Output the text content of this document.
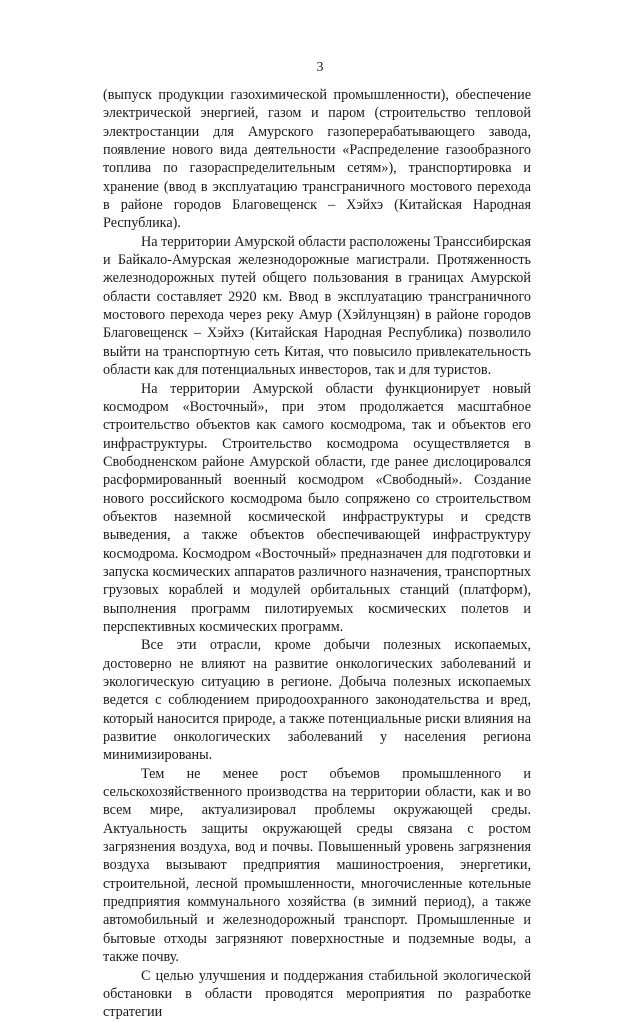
3

(выпуск продукции газохимической промышленности), обеспечение электрической энергией, газом и паром (строительство тепловой электростанции для Амурского газоперерабатывающего завода, появление нового вида деятельности «Распределение газообразного топлива по газораспределительным сетям»), транспортировка и хранение (ввод в эксплуатацию трансграничного мостового перехода в районе городов Благовещенск – Хэйхэ (Китайская Народная Республика).

На территории Амурской области расположены Транссибирская и Байкало-Амурская железнодорожные магистрали. Протяженность железнодорожных путей общего пользования в границах Амурской области составляет 2920 км. Ввод в эксплуатацию трансграничного мостового перехода через реку Амур (Хэйлунцзян) в районе городов Благовещенск – Хэйхэ (Китайская Народная Республика) позволило выйти на транспортную сеть Китая, что повысило привлекательность области как для потенциальных инвесторов, так и для туристов.

На территории Амурской области функционирует новый космодром «Восточный», при этом продолжается масштабное строительство объектов как самого космодрома, так и объектов его инфраструктуры. Строительство космодрома осуществляется в Свободненском районе Амурской области, где ранее дислоцировался расформированный военный космодром «Свободный». Создание нового российского космодрома было сопряжено со строительством объектов наземной космической инфраструктуры и средств выведения, а также объектов обеспечивающей инфраструктуру космодрома. Космодром «Восточный» предназначен для подготовки и запуска космических аппаратов различного назначения, транспортных грузовых кораблей и модулей орбитальных станций (платформ), выполнения программ пилотируемых космических полетов и перспективных космических программ.

Все эти отрасли, кроме добычи полезных ископаемых, достоверно не влияют на развитие онкологических заболеваний и экологическую ситуацию в регионе. Добыча полезных ископаемых ведется с соблюдением природоохранного законодательства и вред, который наносится природе, а также потенциальные риски влияния на развитие онкологических заболеваний у населения региона минимизированы.

Тем не менее рост объемов промышленного и сельскохозяйственного производства на территории области, как и во всем мире, актуализировал проблемы окружающей среды. Актуальность защиты окружающей среды связана с ростом загрязнения воздуха, вод и почвы. Повышенный уровень загрязнения воздуха вызывают предприятия машиностроения, энергетики, строительной, лесной промышленности, многочисленные котельные предприятия коммунального хозяйства (в зимний период), а также автомобильный и железнодорожный транспорт. Промышленные и бытовые отходы загрязняют поверхностные и подземные воды, а также почву.

С целью улучшения и поддержания стабильной экологической обстановки в области проводятся мероприятия по разработке стратегии
